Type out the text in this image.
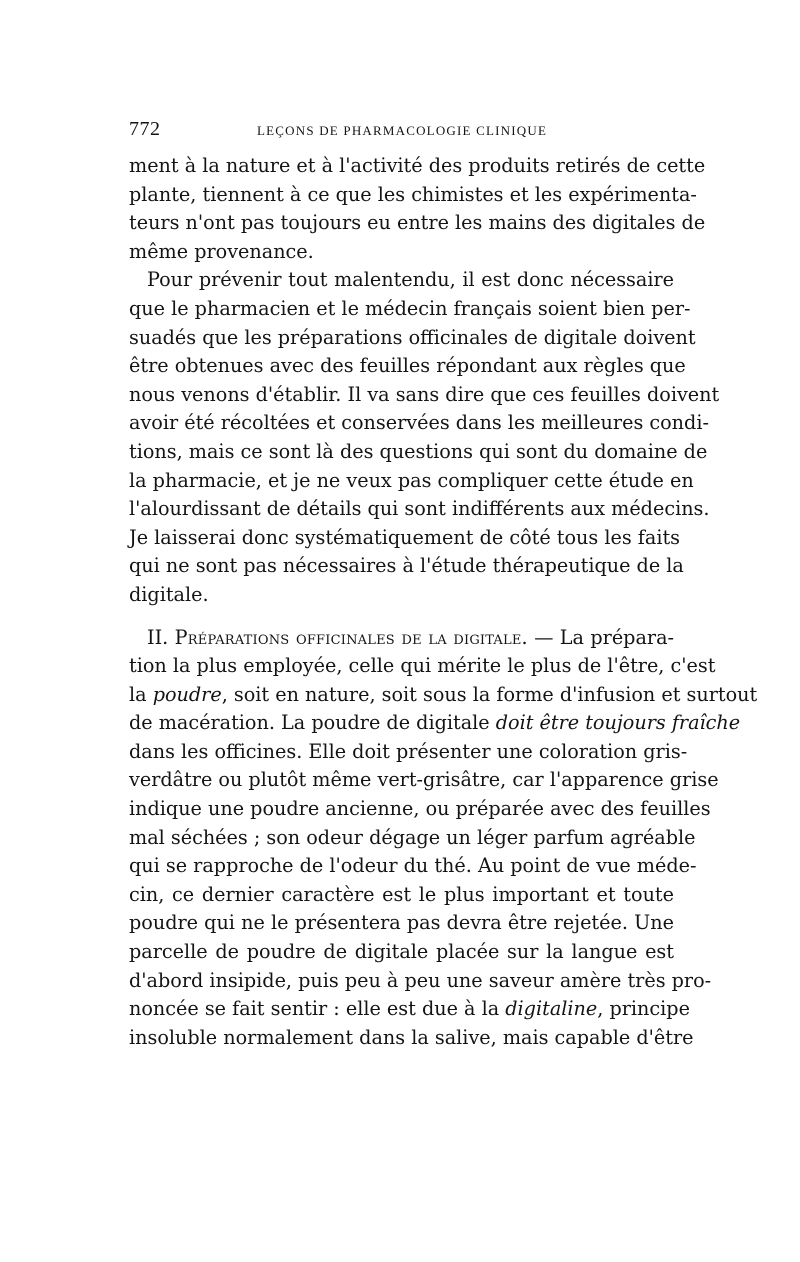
772	LEÇONS DE PHARMACOLOGIE CLINIQUE

ment à la nature et à l'activité des produits retirés de cette
plante, tiennent à ce que les chimistes et les expérimenta-
teurs n'ont pas toujours eu entre les mains des digitales de
même provenance.

Pour prévenir tout malentendu, il est donc nécessaire
que le pharmacien et le médecin français soient bien per-
suadés que les préparations officinales de digitale doivent
être obtenues avec des feuilles répondant aux règles que
nous venons d'établir. Il va sans dire que ces feuilles doivent
avoir été récoltées et conservées dans les meilleures condi-
tions, mais ce sont là des questions qui sont du domaine de
la pharmacie, et je ne veux pas compliquer cette étude en
l'alourdissant de détails qui sont indifférents aux médecins.
Je laisserai donc systématiquement de côté tous les faits
qui ne sont pas nécessaires à l'étude thérapeutique de la
digitale.

II. Préparations officinales de la digitale. — La prépara-
tion la plus employée, celle qui mérite le plus de l'être, c'est
la poudre, soit en nature, soit sous la forme d'infusion et surtout
de macération. La poudre de digitale doit être toujours fraîche
dans les officines. Elle doit présenter une coloration gris-
verdâtre ou plutôt même vert-grisâtre, car l'apparence grise
indique une poudre ancienne, ou préparée avec des feuilles
mal séchées ; son odeur dégage un léger parfum agréable
qui se rapproche de l'odeur du thé. Au point de vue méde-
cin, ce dernier caractère est le plus important et toute
poudre qui ne le présentera pas devra être rejetée. Une
parcelle de poudre de digitale placée sur la langue est
d'abord insipide, puis peu à peu une saveur amère très pro-
noncée se fait sentir : elle est due à la digitaline, principe
insoluble normalement dans la salive, mais capable d'être
